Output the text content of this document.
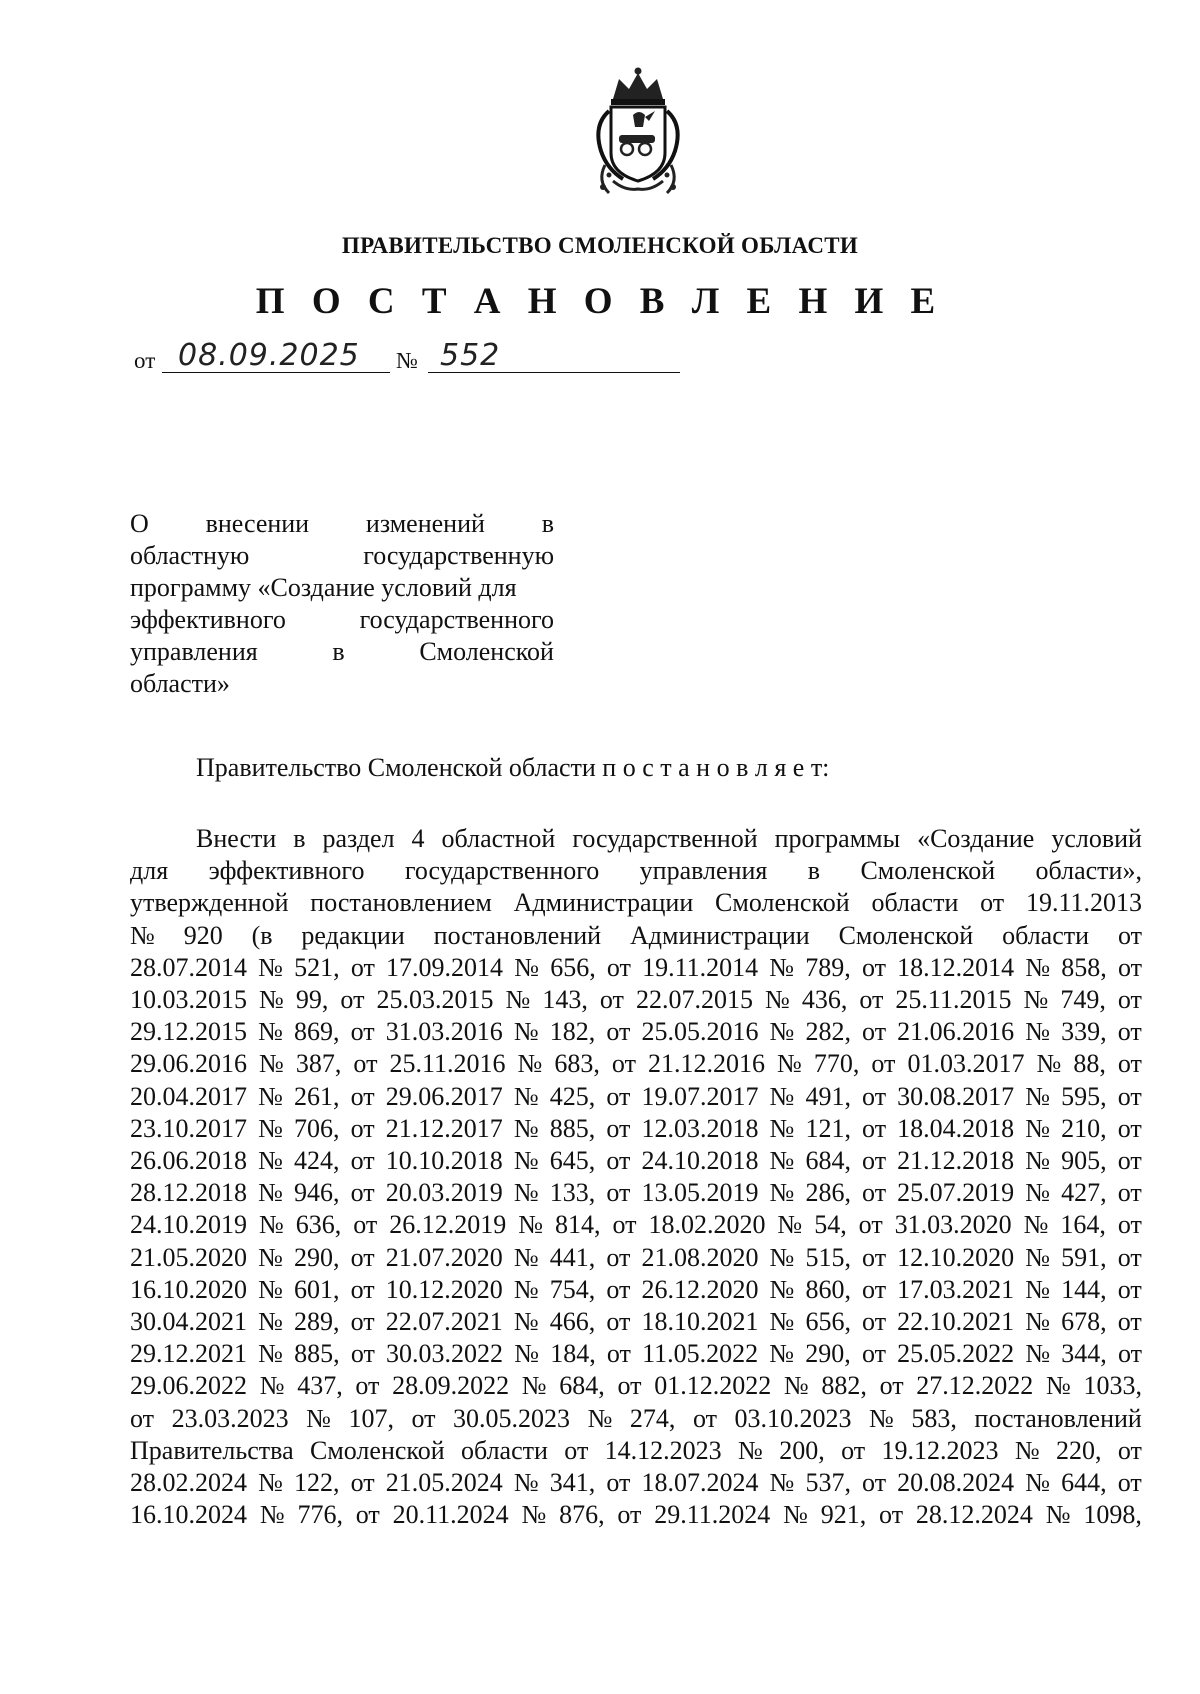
ПРАВИТЕЛЬСТВО СМОЛЕНСКОЙ ОБЛАСТИ
П О С Т А Н О В Л Е Н И Е
от 08.09.2025 № 552
О внесении изменений в
областную	государственную
программу «Создание условий для
эффективного	государственного
управления	в	Смоленской
области»
Правительство Смоленской области п о с т а н о в л я е т:
Внести в раздел 4 областной государственной программы «Создание условий
для эффективного государственного управления в Смоленской области»,
утвержденной постановлением Администрации Смоленской области от 19.11.2013
№ 920 (в редакции постановлений Администрации Смоленской области от
28.07.2014 № 521, от 17.09.2014 № 656, от 19.11.2014 № 789, от 18.12.2014 № 858, от
10.03.2015 № 99, от 25.03.2015 № 143, от 22.07.2015 № 436, от 25.11.2015 № 749, от
29.12.2015 № 869, от 31.03.2016 № 182, от 25.05.2016 № 282, от 21.06.2016 № 339, от
29.06.2016 № 387, от 25.11.2016 № 683, от 21.12.2016 № 770, от 01.03.2017 № 88, от
20.04.2017 № 261, от 29.06.2017 № 425, от 19.07.2017 № 491, от 30.08.2017 № 595, от
23.10.2017 № 706, от 21.12.2017 № 885, от 12.03.2018 № 121, от 18.04.2018 № 210, от
26.06.2018 № 424, от 10.10.2018 № 645, от 24.10.2018 № 684, от 21.12.2018 № 905, от
28.12.2018 № 946, от 20.03.2019 № 133, от 13.05.2019 № 286, от 25.07.2019 № 427, от
24.10.2019 № 636, от 26.12.2019 № 814, от 18.02.2020 № 54, от 31.03.2020 № 164, от
21.05.2020 № 290, от 21.07.2020 № 441, от 21.08.2020 № 515, от 12.10.2020 № 591, от
16.10.2020 № 601, от 10.12.2020 № 754, от 26.12.2020 № 860, от 17.03.2021 № 144, от
30.04.2021 № 289, от 22.07.2021 № 466, от 18.10.2021 № 656, от 22.10.2021 № 678, от
29.12.2021 № 885, от 30.03.2022 № 184, от 11.05.2022 № 290, от 25.05.2022 № 344, от
29.06.2022 № 437, от 28.09.2022 № 684, от 01.12.2022 № 882, от 27.12.2022 № 1033,
от 23.03.2023 № 107, от 30.05.2023 № 274, от 03.10.2023 № 583, постановлений
Правительства Смоленской области от 14.12.2023 № 200, от 19.12.2023 № 220, от
28.02.2024 № 122, от 21.05.2024 № 341, от 18.07.2024 № 537, от 20.08.2024 № 644, от
16.10.2024 № 776, от 20.11.2024 № 876, от 29.11.2024 № 921, от 28.12.2024 № 1098,
